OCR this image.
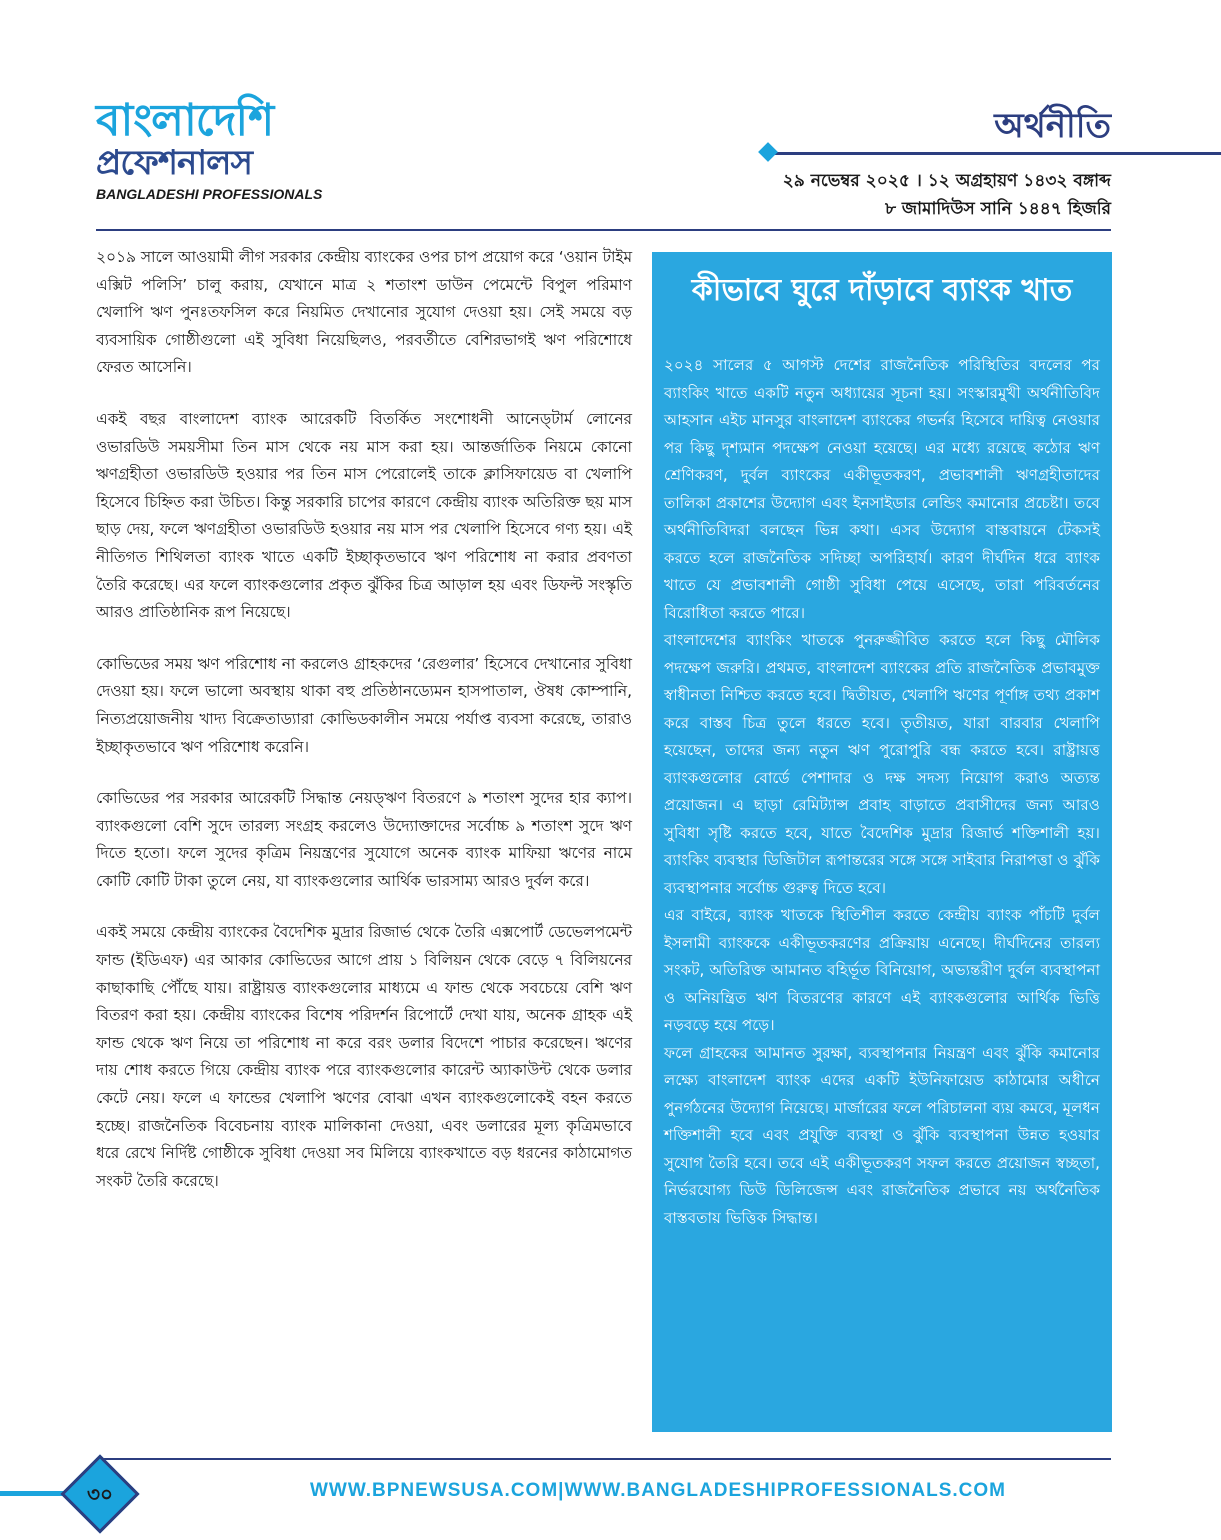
বাংলাদেশি
প্রফেশনালস
BANGLADESHI PROFESSIONALS
অর্থনীতি
২৯ নভেম্বর ২০২৫ । ১২ অগ্রহায়ণ ১৪৩২ বঙ্গাব্দ
৮ জামাদিউস সানি ১৪৪৭ হিজরি

২০১৯ সালে আওয়ামী লীগ সরকার কেন্দ্রীয় ব্যাংকের ওপর চাপ প্রয়োগ করে ‘ওয়ান টাইম এক্সিট পলিসি’ চালু করায়, যেখানে মাত্র ২ শতাংশ ডাউন পেমেন্টে বিপুল পরিমাণ খেলাপি ঋণ পুনঃতফসিল করে নিয়মিত দেখানোর সুযোগ দেওয়া হয়। সেই সময়ে বড় ব্যবসায়িক গোষ্ঠীগুলো এই সুবিধা নিয়েছিলও, পরবর্তীতে বেশিরভাগই ঋণ পরিশোধে ফেরত আসেনি।

একই বছর বাংলাদেশ ব্যাংক আরেকটি বিতর্কিত সংশোধনী আনেড্টার্ম লোনের ওভারডিউ সময়সীমা তিন মাস থেকে নয় মাস করা হয়। আন্তর্জাতিক নিয়মে কোনো ঋণগ্রহীতা ওভারডিউ হওয়ার পর তিন মাস পেরোলেই তাকে ক্লাসিফায়েড বা খেলাপি হিসেবে চিহ্নিত করা উচিত। কিন্তু সরকারি চাপের কারণে কেন্দ্রীয় ব্যাংক অতিরিক্ত ছয় মাস ছাড় দেয়, ফলে ঋণগ্রহীতা ওভারডিউ হওয়ার নয় মাস পর খেলাপি হিসেবে গণ্য হয়। এই নীতিগত শিথিলতা ব্যাংক খাতে একটি ইচ্ছাকৃতভাবে ঋণ পরিশোধ না করার প্রবণতা তৈরি করেছে। এর ফলে ব্যাংকগুলোর প্রকৃত ঝুঁকির চিত্র আড়াল হয় এবং ডিফল্ট সংস্কৃতি আরও প্রাতিষ্ঠানিক রূপ নিয়েছে।

কোভিডের সময় ঋণ পরিশোধ না করলেও গ্রাহকদের ‘রেগুলার’ হিসেবে দেখানোর সুবিধা দেওয়া হয়। ফলে ভালো অবস্থায় থাকা বহু প্রতিষ্ঠানড্যেমন হাসপাতাল, ঔষধ কোম্পানি, নিত্যপ্রয়োজনীয় খাদ্য বিক্রেতাড্যারা কোভিডকালীন সময়ে পর্যাপ্ত ব্যবসা করেছে, তারাও ইচ্ছাকৃতভাবে ঋণ পরিশোধ করেনি।

কোভিডের পর সরকার আরেকটি সিদ্ধান্ত নেয়ড্ঋণ বিতরণে ৯ শতাংশ সুদের হার ক্যাপ। ব্যাংকগুলো বেশি সুদে তারল্য সংগ্রহ করলেও উদ্যোক্তাদের সর্বোচ্চ ৯ শতাংশ সুদে ঋণ দিতে হতো। ফলে সুদের কৃত্রিম নিয়ন্ত্রণের সুযোগে অনেক ব্যাংক মাফিয়া ঋণের নামে কোটি কোটি টাকা তুলে নেয়, যা ব্যাংকগুলোর আর্থিক ভারসাম্য আরও দুর্বল করে।

একই সময়ে কেন্দ্রীয় ব্যাংকের বৈদেশিক মুদ্রার রিজার্ভ থেকে তৈরি এক্সপোর্ট ডেভেলপমেন্ট ফান্ড (ইডিএফ) এর আকার কোভিডের আগে প্রায় ১ বিলিয়ন থেকে বেড়ে ৭ বিলিয়নের কাছাকাছি পৌঁছে যায়। রাষ্ট্রায়ত্ত ব্যাংকগুলোর মাধ্যমে এ ফান্ড থেকে সবচেয়ে বেশি ঋণ বিতরণ করা হয়। কেন্দ্রীয় ব্যাংকের বিশেষ পরিদর্শন রিপোর্টে দেখা যায়, অনেক গ্রাহক এই ফান্ড থেকে ঋণ নিয়ে তা পরিশোধ না করে বরং ডলার বিদেশে পাচার করেছেন। ঋণের দায় শোধ করতে গিয়ে কেন্দ্রীয় ব্যাংক পরে ব্যাংকগুলোর কারেন্ট অ্যাকাউন্ট থেকে ডলার কেটে নেয়। ফলে এ ফান্ডের খেলাপি ঋণের বোঝা এখন ব্যাংকগুলোকেই বহন করতে হচ্ছে। রাজনৈতিক বিবেচনায় ব্যাংক মালিকানা দেওয়া, এবং ডলারের মূল্য কৃত্রিমভাবে ধরে রেখে নির্দিষ্ট গোষ্ঠীকে সুবিধা দেওয়া সব মিলিয়ে ব্যাংকখাতে বড় ধরনের কাঠামোগত সংকট তৈরি করেছে।

কীভাবে ঘুরে দাঁড়াবে ব্যাংক খাত

২০২৪ সালের ৫ আগস্ট দেশের রাজনৈতিক পরিস্থিতির বদলের পর ব্যাংকিং খাতে একটি নতুন অধ্যায়ের সূচনা হয়। সংস্কারমুখী অর্থনীতিবিদ আহসান এইচ মানসুর বাংলাদেশ ব্যাংকের গভর্নর হিসেবে দায়িত্ব নেওয়ার পর কিছু দৃশ্যমান পদক্ষেপ নেওয়া হয়েছে। এর মধ্যে রয়েছে কঠোর ঋণ শ্রেণিকরণ, দুর্বল ব্যাংকের একীভূতকরণ, প্রভাবশালী ঋণগ্রহীতাদের তালিকা প্রকাশের উদ্যোগ এবং ইনসাইডার লেন্ডিং কমানোর প্রচেষ্টা। তবে অর্থনীতিবিদরা বলছেন ভিন্ন কথা। এসব উদ্যোগ বাস্তবায়নে টেকসই করতে হলে রাজনৈতিক সদিচ্ছা অপরিহার্য। কারণ দীর্ঘদিন ধরে ব্যাংক খাতে যে প্রভাবশালী গোষ্ঠী সুবিধা পেয়ে এসেছে, তারা পরিবর্তনের বিরোধিতা করতে পারে।

বাংলাদেশের ব্যাংকিং খাতকে পুনরুজ্জীবিত করতে হলে কিছু মৌলিক পদক্ষেপ জরুরি। প্রথমত, বাংলাদেশ ব্যাংকের প্রতি রাজনৈতিক প্রভাবমুক্ত স্বাধীনতা নিশ্চিত করতে হবে। দ্বিতীয়ত, খেলাপি ঋণের পূর্ণাঙ্গ তথ্য প্রকাশ করে বাস্তব চিত্র তুলে ধরতে হবে। তৃতীয়ত, যারা বারবার খেলাপি হয়েছেন, তাদের জন্য নতুন ঋণ পুরোপুরি বন্ধ করতে হবে। রাষ্ট্রায়ত্ত ব্যাংকগুলোর বোর্ডে পেশাদার ও দক্ষ সদস্য নিয়োগ করাও অত্যন্ত প্রয়োজন। এ ছাড়া রেমিট্যান্স প্রবাহ বাড়াতে প্রবাসীদের জন্য আরও সুবিধা সৃষ্টি করতে হবে, যাতে বৈদেশিক মুদ্রার রিজার্ভ শক্তিশালী হয়। ব্যাংকিং ব্যবস্থার ডিজিটাল রূপান্তরের সঙ্গে সঙ্গে সাইবার নিরাপত্তা ও ঝুঁকি ব্যবস্থাপনার সর্বোচ্চ গুরুত্ব দিতে হবে।

এর বাইরে, ব্যাংক খাতকে স্থিতিশীল করতে কেন্দ্রীয় ব্যাংক পাঁচটি দুর্বল ইসলামী ব্যাংককে একীভূতকরণের প্রক্রিয়ায় এনেছে। দীর্ঘদিনের তারল্য সংকট, অতিরিক্ত আমানত বহির্ভূত বিনিয়োগ, অভ্যন্তরীণ দুর্বল ব্যবস্থাপনা ও অনিয়ন্ত্রিত ঋণ বিতরণের কারণে এই ব্যাংকগুলোর আর্থিক ভিত্তি নড়বড়ে হয়ে পড়ে।

ফলে গ্রাহকের আমানত সুরক্ষা, ব্যবস্থাপনার নিয়ন্ত্রণ এবং ঝুঁকি কমানোর লক্ষ্যে বাংলাদেশ ব্যাংক এদের একটি ইউনিফায়েড কাঠামোর অধীনে পুনর্গঠনের উদ্যোগ নিয়েছে। মার্জারের ফলে পরিচালনা ব্যয় কমবে, মূলধন শক্তিশালী হবে এবং প্রযুক্তি ব্যবস্থা ও ঝুঁকি ব্যবস্থাপনা উন্নত হওয়ার সুযোগ তৈরি হবে। তবে এই একীভূতকরণ সফল করতে প্রয়োজন স্বচ্ছতা, নির্ভরযোগ্য ডিউ ডিলিজেন্স এবং রাজনৈতিক প্রভাবে নয় অর্থনৈতিক বাস্তবতায় ভিত্তিক সিদ্ধান্ত।

৩০	WWW.BPNEWSUSA.COM|WWW.BANGLADESHIPROFESSIONALS.COM
